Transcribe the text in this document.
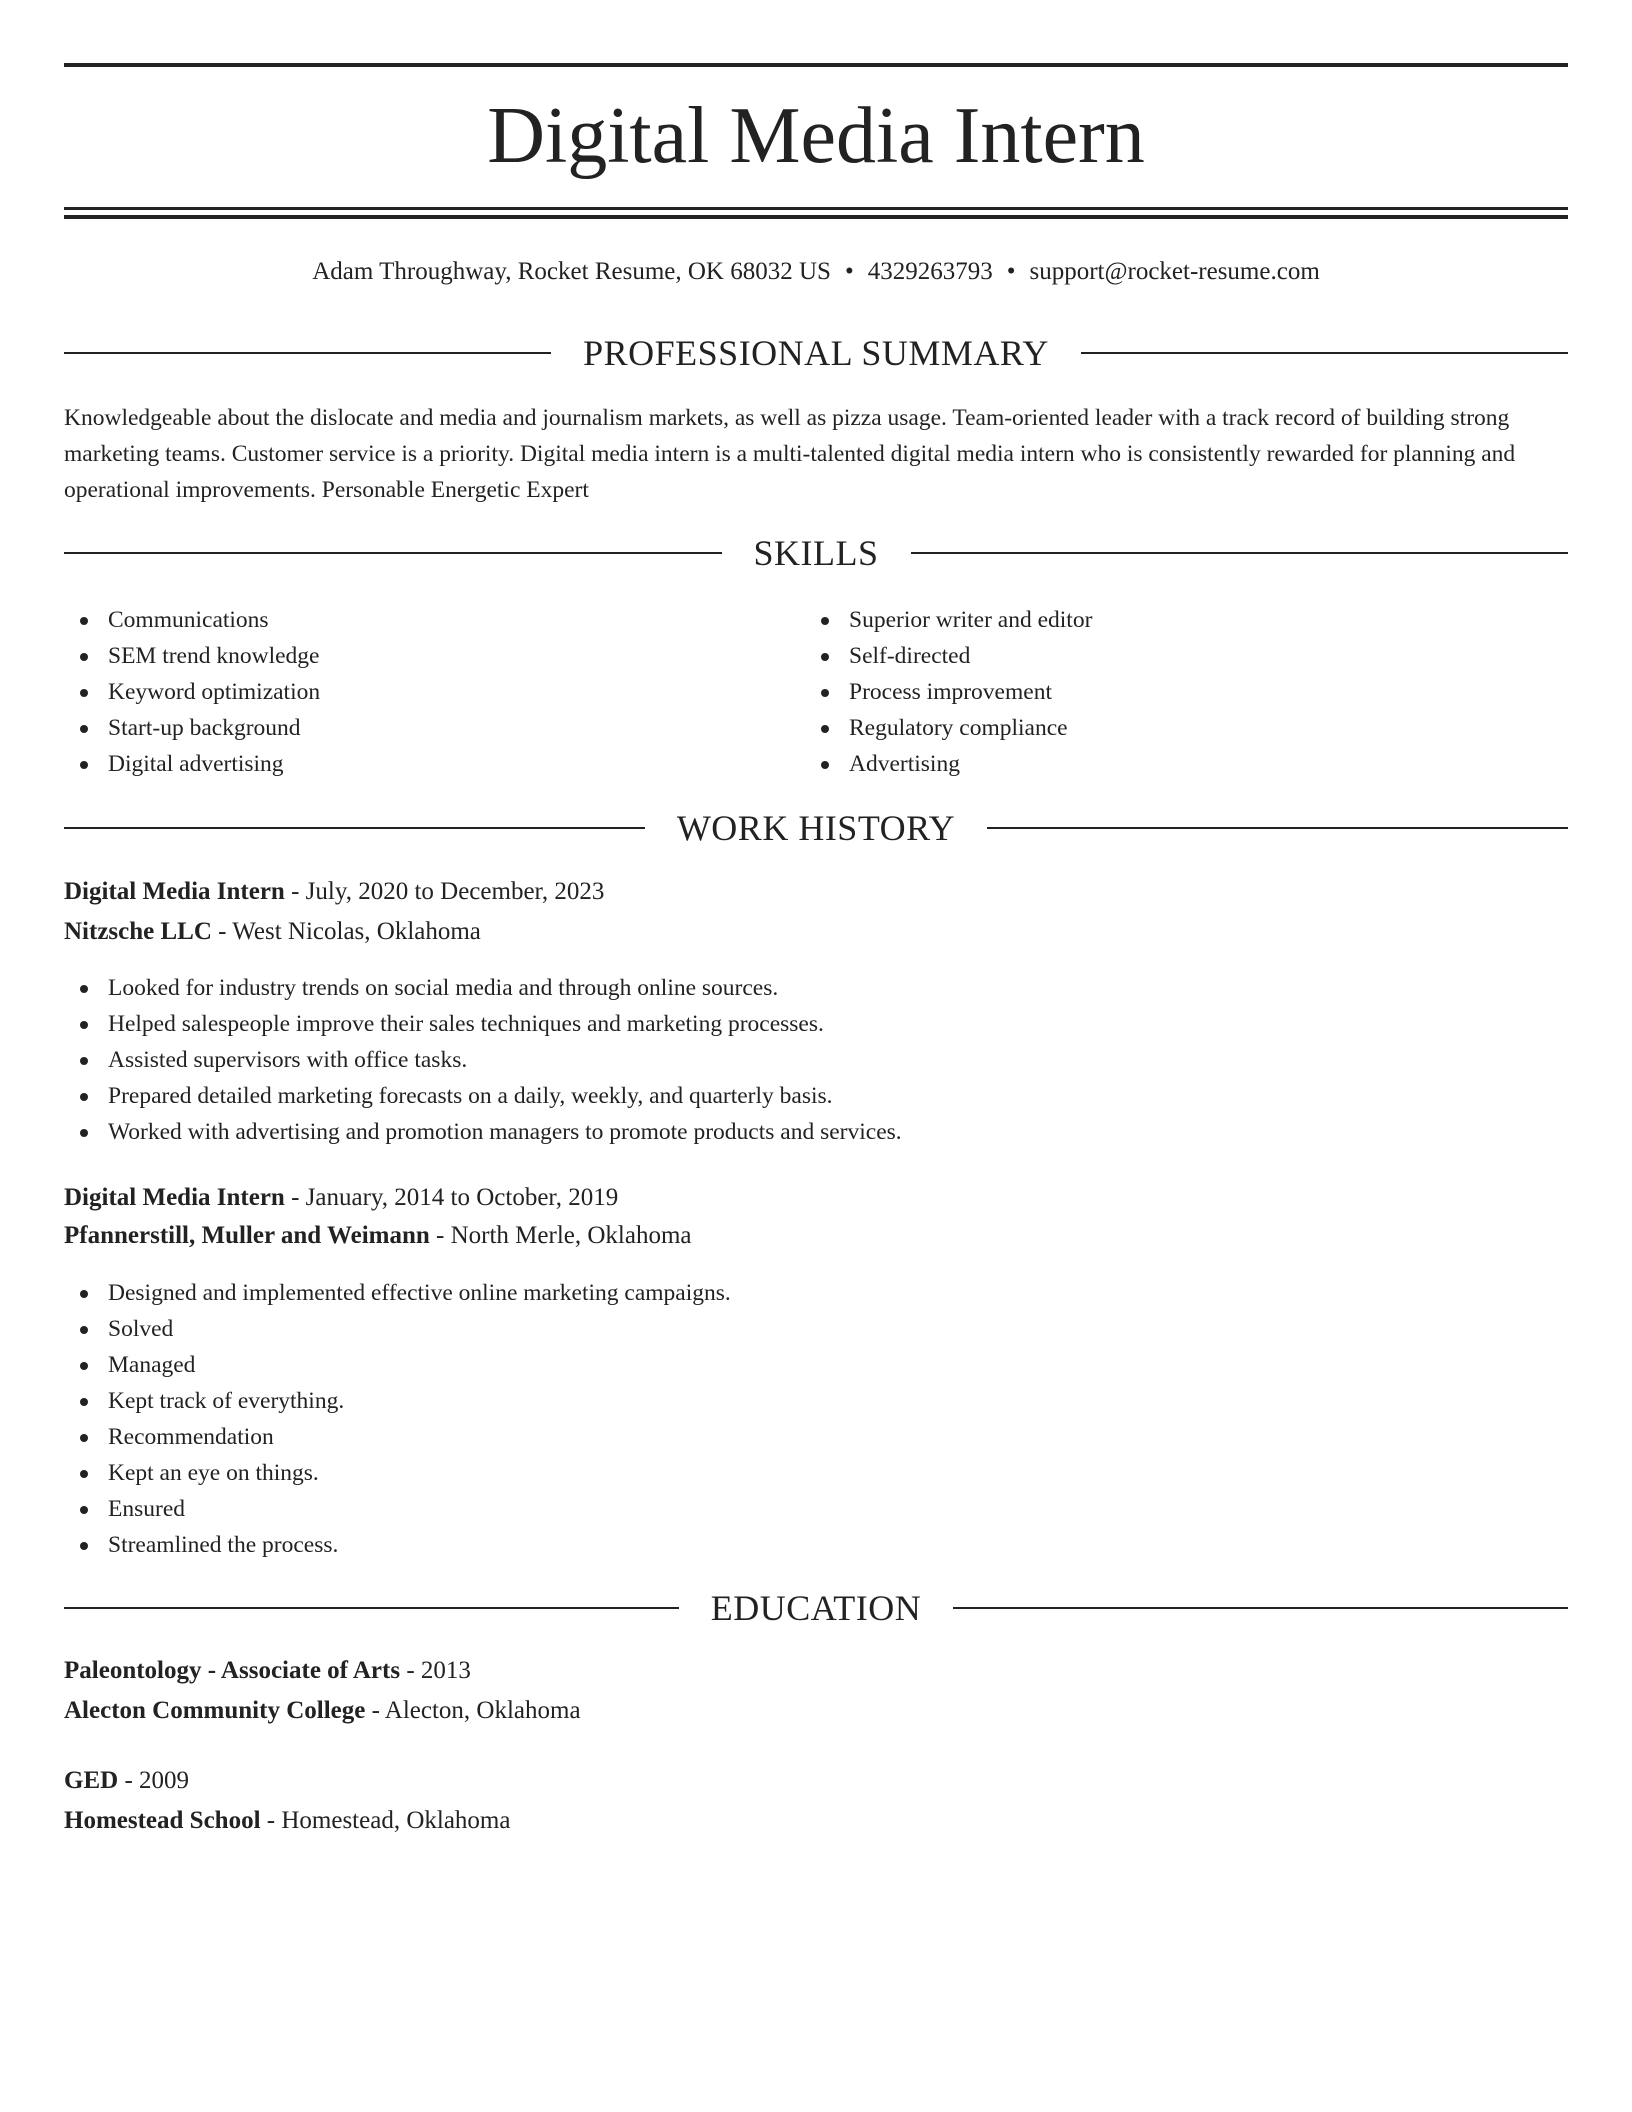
Digital Media Intern
Adam Throughway, Rocket Resume, OK 68032 US • 4329263793 • support@rocket-resume.com
PROFESSIONAL SUMMARY

Knowledgeable about the dislocate and media and journalism markets, as well as pizza usage. Team-oriented leader with a track record of building strong marketing teams. Customer service is a priority. Digital media intern is a multi-talented digital media intern who is consistently rewarded for planning and operational improvements. Personable Energetic Expert

SKILLS
Communications
SEM trend knowledge
Keyword optimization
Start-up background
Digital advertising
Superior writer and editor
Self-directed
Process improvement
Regulatory compliance
Advertising
WORK HISTORY
Digital Media Intern - July, 2020 to December, 2023
Nitzsche LLC - West Nicolas, Oklahoma
Looked for industry trends on social media and through online sources.
Helped salespeople improve their sales techniques and marketing processes.
Assisted supervisors with office tasks.
Prepared detailed marketing forecasts on a daily, weekly, and quarterly basis.
Worked with advertising and promotion managers to promote products and services.
Digital Media Intern - January, 2014 to October, 2019
Pfannerstill, Muller and Weimann - North Merle, Oklahoma
Designed and implemented effective online marketing campaigns.
Solved
Managed
Kept track of everything.
Recommendation
Kept an eye on things.
Ensured
Streamlined the process.
EDUCATION
Paleontology - Associate of Arts - 2013
Alecton Community College - Alecton, Oklahoma
GED - 2009
Homestead School - Homestead, Oklahoma
